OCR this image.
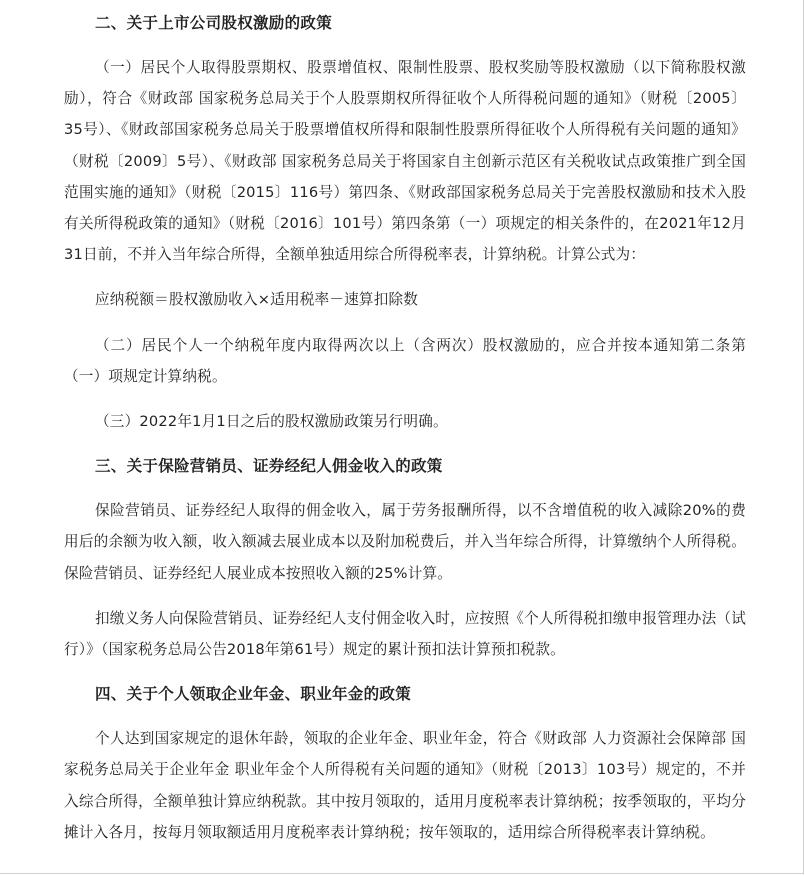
二、关于上市公司股权激励的政策

（一）居民个人取得股票期权、股票增值权、限制性股票、股权奖励等股权激励（以下简称股权激励），符合《财政部 国家税务总局关于个人股票期权所得征收个人所得税问题的通知》（财税〔2005〕35号）、《财政部国家税务总局关于股票增值权所得和限制性股票所得征收个人所得税有关问题的通知》（财税〔2009〕5号）、《财政部 国家税务总局关于将国家自主创新示范区有关税收试点政策推广到全国范围实施的通知》（财税〔2015〕116号）第四条、《财政部国家税务总局关于完善股权激励和技术入股有关所得税政策的通知》（财税〔2016〕101号）第四条第（一）项规定的相关条件的，在2021年12月31日前，不并入当年综合所得，全额单独适用综合所得税率表，计算纳税。计算公式为：

应纳税额＝股权激励收入×适用税率－速算扣除数

（二）居民个人一个纳税年度内取得两次以上（含两次）股权激励的，应合并按本通知第二条第（一）项规定计算纳税。

（三）2022年1月1日之后的股权激励政策另行明确。

三、关于保险营销员、证券经纪人佣金收入的政策

保险营销员、证券经纪人取得的佣金收入，属于劳务报酬所得，以不含增值税的收入减除20%的费用后的余额为收入额，收入额减去展业成本以及附加税费后，并入当年综合所得，计算缴纳个人所得税。保险营销员、证券经纪人展业成本按照收入额的25%计算。

扣缴义务人向保险营销员、证券经纪人支付佣金收入时，应按照《个人所得税扣缴申报管理办法（试行）》（国家税务总局公告2018年第61号）规定的累计预扣法计算预扣税款。

四、关于个人领取企业年金、职业年金的政策

个人达到国家规定的退休年龄，领取的企业年金、职业年金，符合《财政部 人力资源社会保障部 国家税务总局关于企业年金 职业年金个人所得税有关问题的通知》（财税〔2013〕103号）规定的，不并入综合所得，全额单独计算应纳税款。其中按月领取的，适用月度税率表计算纳税；按季领取的，平均分摊计入各月，按每月领取额适用月度税率表计算纳税；按年领取的，适用综合所得税率表计算纳税。
